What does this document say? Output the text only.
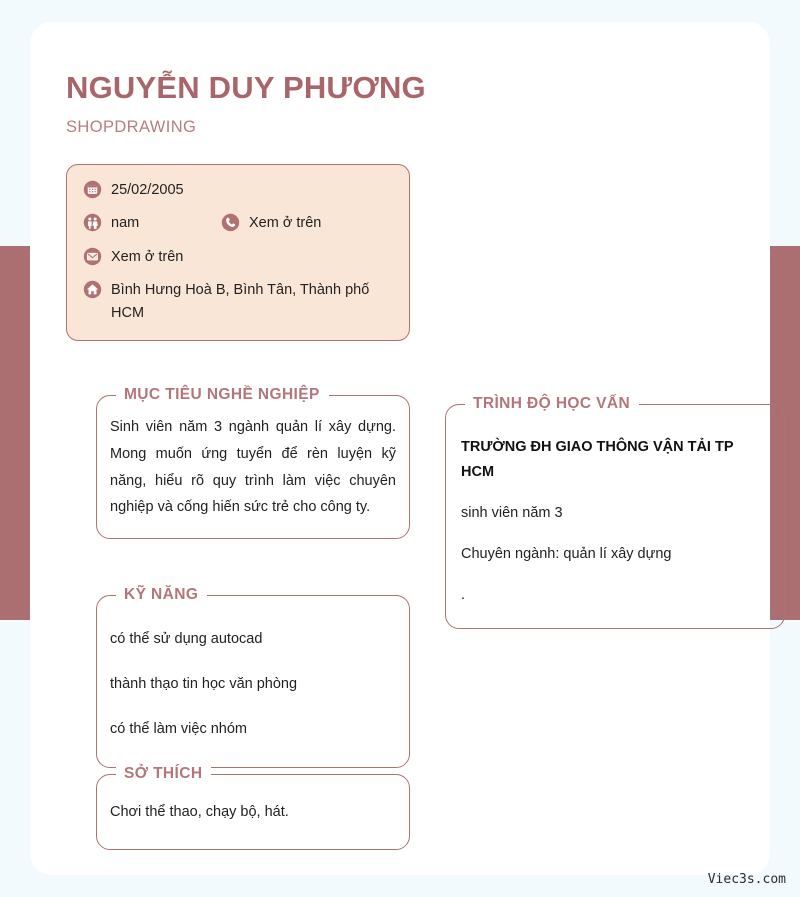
NGUYỄN DUY PHƯƠNG
SHOPDRAWING
25/02/2005
nam	Xem ở trên
Xem ở trên
Bình Hưng Hoà B, Bình Tân, Thành phố HCM
MỤC TIÊU NGHỀ NGHIỆP
Sinh viên năm 3 ngành quản lí xây dựng. Mong muốn ứng tuyển để rèn luyện kỹ năng, hiểu rõ quy trình làm việc chuyên nghiệp và cống hiến sức trẻ cho công ty.
TRÌNH ĐỘ HỌC VẤN

TRƯỜNG ĐH GIAO THÔNG VẬN TẢI TP HCM

sinh viên năm 3

Chuyên ngành: quản lí xây dựng

.

KỸ NĂNG
có thể sử dụng autocad
thành thạo tin học văn phòng
có thể làm việc nhóm
SỞ THÍCH
Chơi thể thao, chạy bộ, hát.
Viec3s.com
